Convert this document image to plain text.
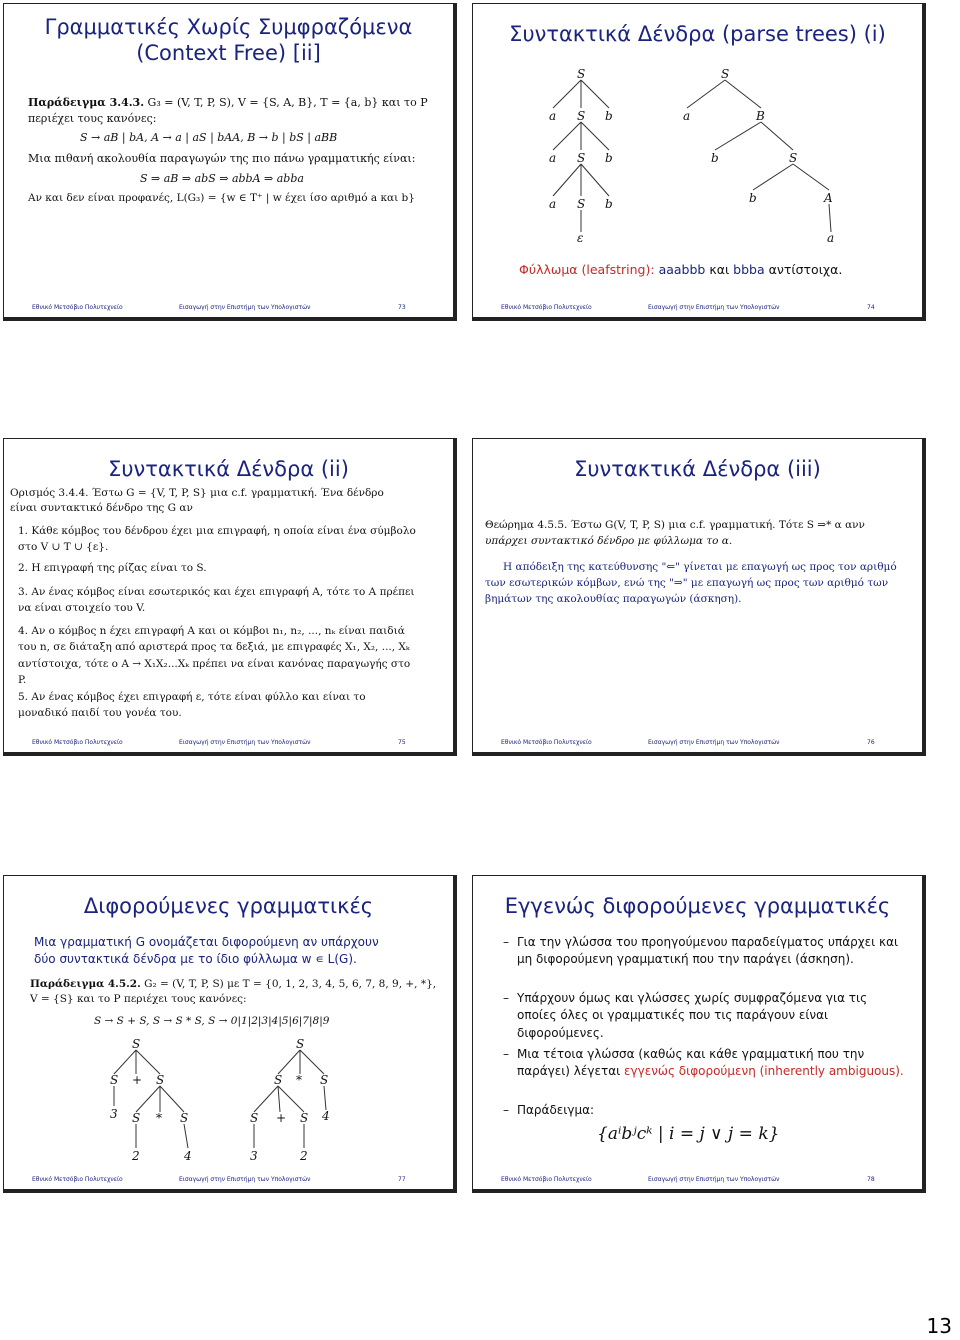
Γραμματικές Χωρίς Συμφραζόμενα
(Context Free) [ii]
Παράδειγμα 3.4.3. G₃ = (V, T, P, S), V = {S, A, B}, T = {a, b} και το P
περιέχει τους κανόνες:
S → aB | bA, A → a | aS | bAA, B → b | bS | aBB
Μια πιθανή ακολουθία παραγωγών της πιο πάνω γραμματικής είναι:
S ⇒ aB ⇒ abS ⇒ abbA ⇒ abba
Αν και δεν είναι προφανές, L(G₃) = {w ∈ T⁺ | w έχει ίσο αριθμό a και b}
Εθνικό Μετσόβιο Πολυτεχνείο	Εισαγωγή στην Επιστήμη των Υπολογιστών	73
Συντακτικά Δένδρα (parse trees) (i)
S
a S b
a S b
a S b
ε
S
a	B
b	S
b	A
a
Φύλλωμα (leafstring): aaabbb και bbba αντίστοιχα.
Εθνικό Μετσόβιο Πολυτεχνείο	Εισαγωγή στην Επιστήμη των Υπολογιστών	74
Συντακτικά Δένδρα (ii)
Ορισμός 3.4.4. Έστω G = {V, T, P, S} μια c.f. γραμματική. Ένα δένδρο
είναι συντακτικό δένδρο της G αν
1. Κάθε κόμβος του δένδρου έχει μια επιγραφή, η οποία είναι ένα σύμβολο στο V ∪ T ∪ {ε}.
2. Η επιγραφή της ρίζας είναι το S.
3. Αν ένας κόμβος είναι εσωτερικός και έχει επιγραφή A, τότε το A πρέπει να είναι στοιχείο του V.
4. Αν ο κόμβος n έχει επιγραφή A και οι κόμβοι n₁, n₂, ..., nₖ είναι παιδιά του n, σε διάταξη από αριστερά προς τα δεξιά, με επιγραφές X₁, X₂, ..., Xₖ αντίστοιχα, τότε ο A → X₁X₂...Xₖ πρέπει να είναι κανόνας παραγωγής στο P.
5. Αν ένας κόμβος έχει επιγραφή ε, τότε είναι φύλλο και είναι το μοναδικό παιδί του γονέα του.
Εθνικό Μετσόβιο Πολυτεχνείο	Εισαγωγή στην Επιστήμη των Υπολογιστών	75
Συντακτικά Δένδρα (iii)
Θεώρημα 4.5.5. Έστω G(V, T, P, S) μια c.f. γραμματική. Τότε S ⇒* α ανν
υπάρχει συντακτικό δένδρο με φύλλωμα το α.
Η απόδειξη της κατεύθυνσης "⇐" γίνεται με επαγωγή ως προς τον αριθμό
των εσωτερικών κόμβων, ενώ της "⇒" με επαγωγή ως προς των αριθμό των
βημάτων της ακολουθίας παραγωγών (άσκηση).
Εθνικό Μετσόβιο Πολυτεχνείο	Εισαγωγή στην Επιστήμη των Υπολογιστών	76
Διφορούμενες γραμματικές
Μια γραμματική G ονομάζεται διφορούμενη αν υπάρχουν
δύο συντακτικά δένδρα με το ίδιο φύλλωμα w ∊ L(G).
Παράδειγμα 4.5.2. G₂ = (V, T, P, S) με T = {0, 1, 2, 3, 4, 5, 6, 7, 8, 9, +, *},
V = {S} και το P περιέχει τους κανόνες:
S → S + S, S → S * S, S → 0|1|2|3|4|5|6|7|8|9
S
S + S
3 S * S
2	4
S
S * S
S + S 4
3	2
Εθνικό Μετσόβιο Πολυτεχνείο	Εισαγωγή στην Επιστήμη των Υπολογιστών	77
Εγγενώς διφορούμενες γραμματικές
– Για την γλώσσα του προηγούμενου παραδείγματος υπάρχει και μη διφορούμενη γραμματική που την παράγει (άσκηση).
– Υπάρχουν όμως και γλώσσες χωρίς συμφραζόμενα για τις οποίες όλες οι γραμματικές που τις παράγουν είναι διφορούμενες.
– Μια τέτοια γλώσσα (καθώς και κάθε γραμματική που την παράγει) λέγεται εγγενώς διφορούμενη (inherently ambiguous).
– Παράδειγμα:
{aⁱbʲcᵏ | i = j ∨ j = k}
Εθνικό Μετσόβιο Πολυτεχνείο	Εισαγωγή στην Επιστήμη των Υπολογιστών	78
13
